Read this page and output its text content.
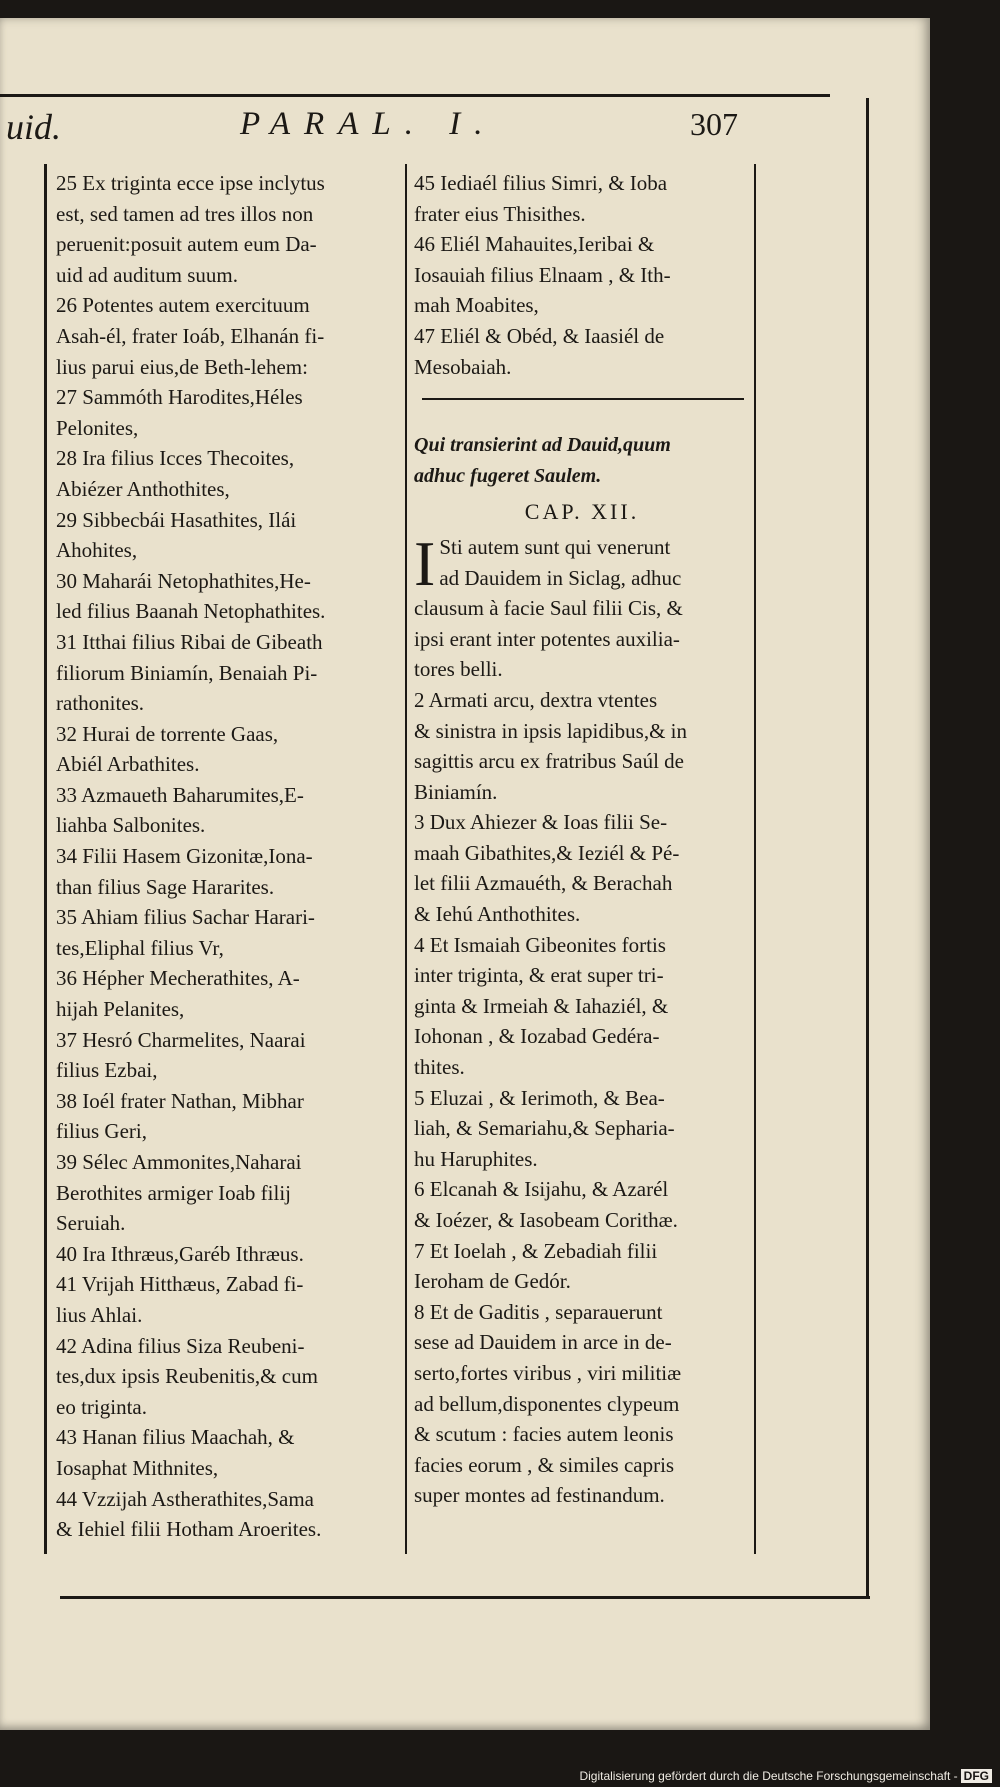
uid.	PARAL. I.	307
25 Ex triginta ecce ipse inclytus
est, sed tamen ad tres illos non
peruenit:posuit autem eum Da-
uid ad auditum suum.
26 Potentes autem exercituum
Asah-él, frater Ioáb, Elhanán fi-
lius parui eius,de Beth-lehem:
27 Sammóth Harodites,Héles
Pelonites,
28 Ira filius Icces Thecoites,
Abiézer Anthothites,
29 Sibbecbái Hasathites, Ilái
Ahohites,
30 Maharái Netophathites,He-
led filius Baanah Netophathites.
31 Itthai filius Ribai de Gibeath
filiorum Biniamín, Benaiah Pi-
rathonites.
32 Hurai de torrente Gaas,
Abiél Arbathites.
33 Azmaueth Baharumites,E-
liahba Salbonites.
34 Filii Hasem Gizonitæ,Iona-
than filius Sage Hararites.
35 Ahiam filius Sachar Harari-
tes,Eliphal filius Vr,
36 Hépher Mecherathites, A-
hijah Pelanites,
37 Hesró Charmelites, Naarai
filius Ezbai,
38 Ioél frater Nathan, Mibhar
filius Geri,
39 Sélec Ammonites,Naharai
Berothites armiger Ioab filij
Seruiah.
40 Ira Ithræus,Garéb Ithræus.
41 Vrijah Hitthæus, Zabad fi-
lius Ahlai.
42 Adina filius Siza Reubeni-
tes,dux ipsis Reubenitis,& cum
eo triginta.
43 Hanan filius Maachah, &
Iosaphat Mithnites,
44 Vzzijah Astherathites,Sama
& Iehiel filii Hotham Aroerites.
45 Iediaél filius Simri, & Ioba
frater eius Thisithes.
46 Eliél Mahauites,Ieribai &
Iosauiah filius Elnaam , & Ith-
mah Moabites,
47 Eliél & Obéd, & Iaasiél de
Mesobaiah.
Qui transierint ad Dauid,quum
adhuc fugeret Saulem.
CAP. XII.
I Sti autem sunt qui venerunt
ad Dauidem in Siclag, adhuc
clausum à facie Saul filii Cis, &
ipsi erant inter potentes auxilia-
tores belli.
2 Armati arcu, dextra vtentes
& sinistra in ipsis lapidibus,& in
sagittis arcu ex fratribus Saúl de
Biniamín.
3 Dux Ahiezer & Ioas filii Se-
maah Gibathites,& Ieziél & Pé-
let filii Azmauéth, & Berachah
& Iehú Anthothites.
4 Et Ismaiah Gibeonites fortis
inter triginta, & erat super tri-
ginta & Irmeiah & Iahaziél, &
Iohonan , & Iozabad Gedéra-
thites.
5 Eluzai , & Ierimoth, & Bea-
liah, & Semariahu,& Sepharia-
hu Haruphites.
6 Elcanah & Isijahu, & Azarél
& Ioézer, & Iasobeam Corithæ.
7 Et Ioelah , & Zebadiah filii
Ieroham de Gedór.
8 Et de Gaditis , separauerunt
sese ad Dauidem in arce in de-
serto,fortes viribus , viri militiæ
ad bellum,disponentes clypeum
& scutum : facies autem leonis
facies eorum , & similes capris
super montes ad festinandum.
Digitalisierung gefördert durch die Deutsche Forschungsgemeinschaft - DFG
